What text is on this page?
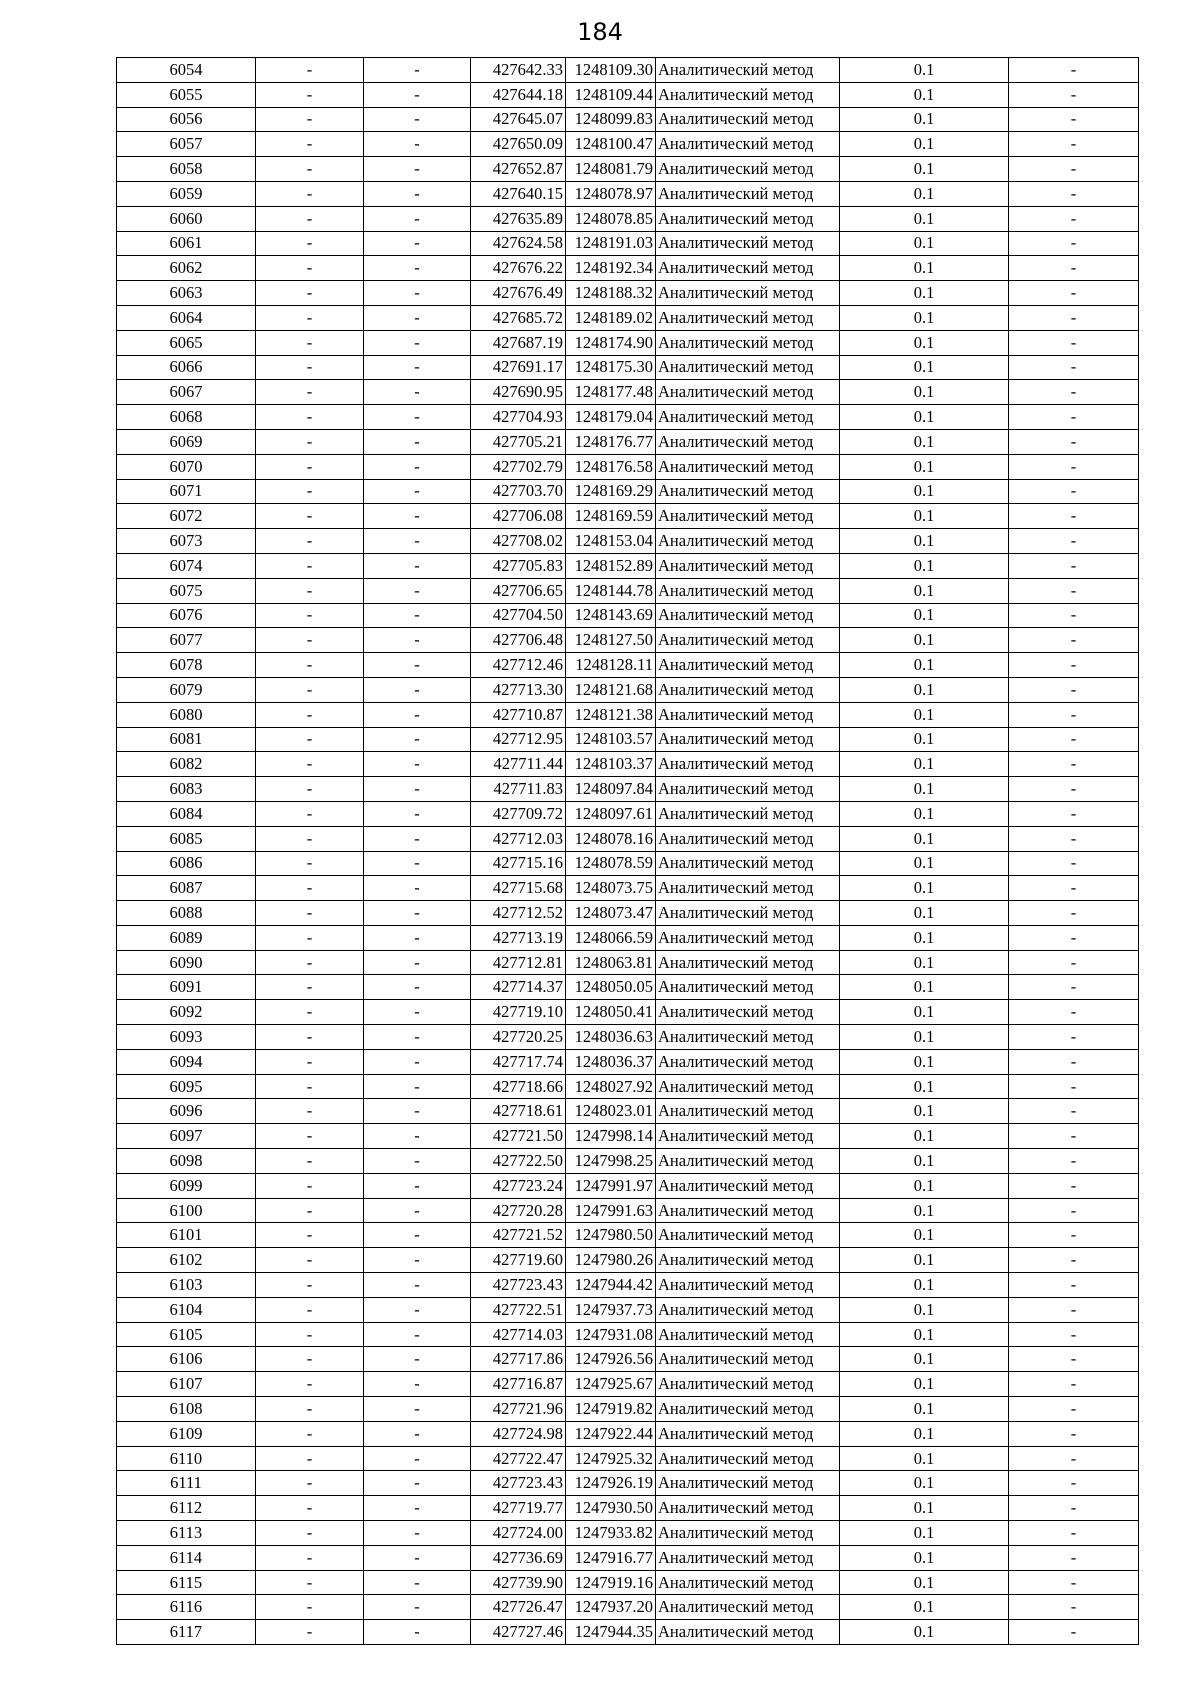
184
6054	-	-	427642.33	1248109.30	Аналитический метод	0.1	-
6055	-	-	427644.18	1248109.44	Аналитический метод	0.1	-
6056	-	-	427645.07	1248099.83	Аналитический метод	0.1	-
6057	-	-	427650.09	1248100.47	Аналитический метод	0.1	-
6058	-	-	427652.87	1248081.79	Аналитический метод	0.1	-
6059	-	-	427640.15	1248078.97	Аналитический метод	0.1	-
6060	-	-	427635.89	1248078.85	Аналитический метод	0.1	-
6061	-	-	427624.58	1248191.03	Аналитический метод	0.1	-
6062	-	-	427676.22	1248192.34	Аналитический метод	0.1	-
6063	-	-	427676.49	1248188.32	Аналитический метод	0.1	-
6064	-	-	427685.72	1248189.02	Аналитический метод	0.1	-
6065	-	-	427687.19	1248174.90	Аналитический метод	0.1	-
6066	-	-	427691.17	1248175.30	Аналитический метод	0.1	-
6067	-	-	427690.95	1248177.48	Аналитический метод	0.1	-
6068	-	-	427704.93	1248179.04	Аналитический метод	0.1	-
6069	-	-	427705.21	1248176.77	Аналитический метод	0.1	-
6070	-	-	427702.79	1248176.58	Аналитический метод	0.1	-
6071	-	-	427703.70	1248169.29	Аналитический метод	0.1	-
6072	-	-	427706.08	1248169.59	Аналитический метод	0.1	-
6073	-	-	427708.02	1248153.04	Аналитический метод	0.1	-
6074	-	-	427705.83	1248152.89	Аналитический метод	0.1	-
6075	-	-	427706.65	1248144.78	Аналитический метод	0.1	-
6076	-	-	427704.50	1248143.69	Аналитический метод	0.1	-
6077	-	-	427706.48	1248127.50	Аналитический метод	0.1	-
6078	-	-	427712.46	1248128.11	Аналитический метод	0.1	-
6079	-	-	427713.30	1248121.68	Аналитический метод	0.1	-
6080	-	-	427710.87	1248121.38	Аналитический метод	0.1	-
6081	-	-	427712.95	1248103.57	Аналитический метод	0.1	-
6082	-	-	427711.44	1248103.37	Аналитический метод	0.1	-
6083	-	-	427711.83	1248097.84	Аналитический метод	0.1	-
6084	-	-	427709.72	1248097.61	Аналитический метод	0.1	-
6085	-	-	427712.03	1248078.16	Аналитический метод	0.1	-
6086	-	-	427715.16	1248078.59	Аналитический метод	0.1	-
6087	-	-	427715.68	1248073.75	Аналитический метод	0.1	-
6088	-	-	427712.52	1248073.47	Аналитический метод	0.1	-
6089	-	-	427713.19	1248066.59	Аналитический метод	0.1	-
6090	-	-	427712.81	1248063.81	Аналитический метод	0.1	-
6091	-	-	427714.37	1248050.05	Аналитический метод	0.1	-
6092	-	-	427719.10	1248050.41	Аналитический метод	0.1	-
6093	-	-	427720.25	1248036.63	Аналитический метод	0.1	-
6094	-	-	427717.74	1248036.37	Аналитический метод	0.1	-
6095	-	-	427718.66	1248027.92	Аналитический метод	0.1	-
6096	-	-	427718.61	1248023.01	Аналитический метод	0.1	-
6097	-	-	427721.50	1247998.14	Аналитический метод	0.1	-
6098	-	-	427722.50	1247998.25	Аналитический метод	0.1	-
6099	-	-	427723.24	1247991.97	Аналитический метод	0.1	-
6100	-	-	427720.28	1247991.63	Аналитический метод	0.1	-
6101	-	-	427721.52	1247980.50	Аналитический метод	0.1	-
6102	-	-	427719.60	1247980.26	Аналитический метод	0.1	-
6103	-	-	427723.43	1247944.42	Аналитический метод	0.1	-
6104	-	-	427722.51	1247937.73	Аналитический метод	0.1	-
6105	-	-	427714.03	1247931.08	Аналитический метод	0.1	-
6106	-	-	427717.86	1247926.56	Аналитический метод	0.1	-
6107	-	-	427716.87	1247925.67	Аналитический метод	0.1	-
6108	-	-	427721.96	1247919.82	Аналитический метод	0.1	-
6109	-	-	427724.98	1247922.44	Аналитический метод	0.1	-
6110	-	-	427722.47	1247925.32	Аналитический метод	0.1	-
6111	-	-	427723.43	1247926.19	Аналитический метод	0.1	-
6112	-	-	427719.77	1247930.50	Аналитический метод	0.1	-
6113	-	-	427724.00	1247933.82	Аналитический метод	0.1	-
6114	-	-	427736.69	1247916.77	Аналитический метод	0.1	-
6115	-	-	427739.90	1247919.16	Аналитический метод	0.1	-
6116	-	-	427726.47	1247937.20	Аналитический метод	0.1	-
6117	-	-	427727.46	1247944.35	Аналитический метод	0.1	-
